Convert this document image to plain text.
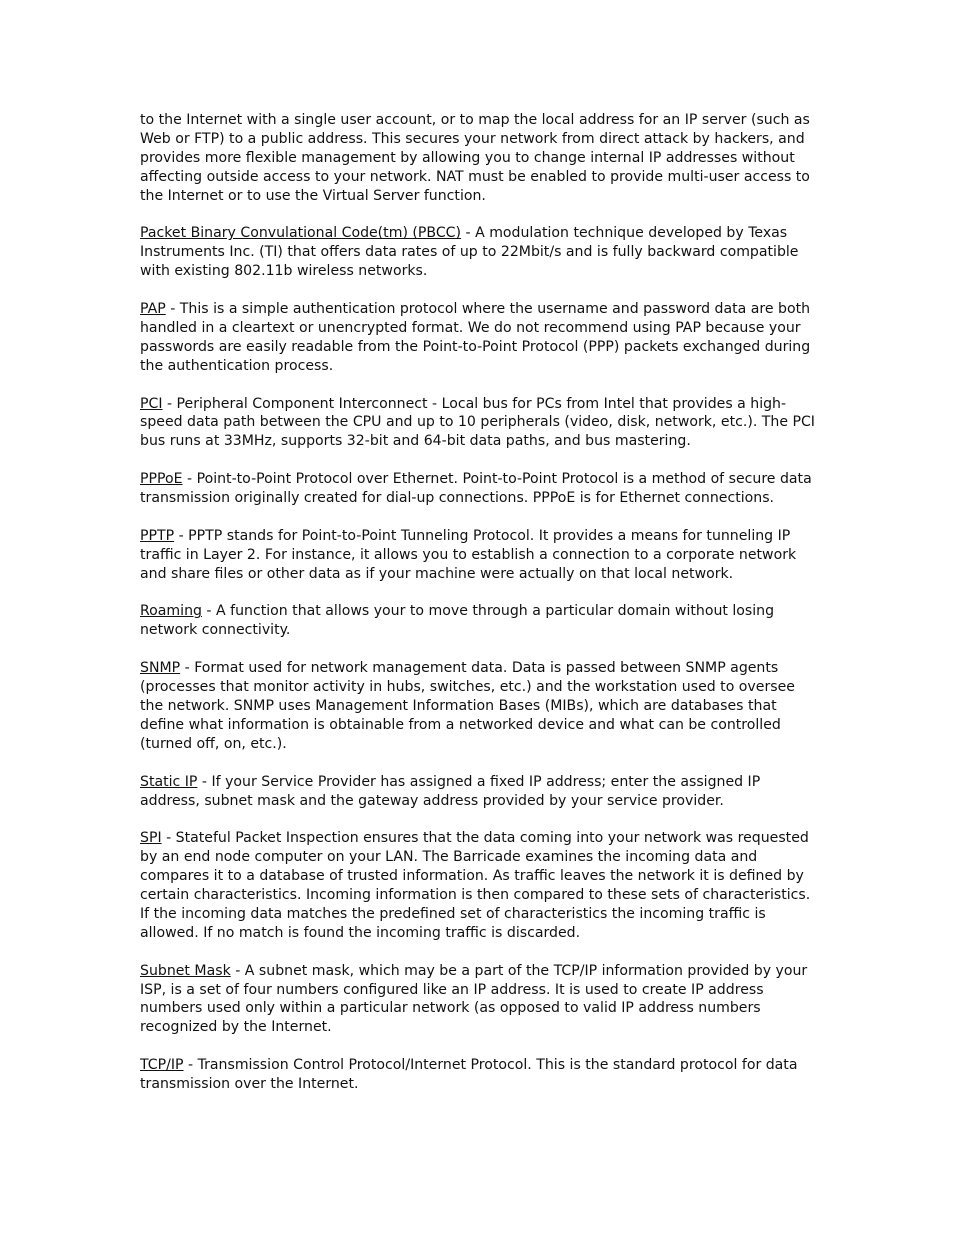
to the Internet with a single user account, or to map the local address for an IP server (such as Web or FTP) to a public address. This secures your network from direct attack by hackers, and provides more flexible management by allowing you to change internal IP addresses without affecting outside access to your network. NAT must be enabled to provide multi-user access to the Internet or to use the Virtual Server function.

Packet Binary Convulational Code(tm) (PBCC) - A modulation technique developed by Texas Instruments Inc. (TI) that offers data rates of up to 22Mbit/s and is fully backward compatible with existing 802.11b wireless networks.

PAP - This is a simple authentication protocol where the username and password data are both handled in a cleartext or unencrypted format. We do not recommend using PAP because your passwords are easily readable from the Point-to-Point Protocol (PPP) packets exchanged during the authentication process.

PCI - Peripheral Component Interconnect - Local bus for PCs from Intel that provides a high-speed data path between the CPU and up to 10 peripherals (video, disk, network, etc.). The PCI bus runs at 33MHz, supports 32-bit and 64-bit data paths, and bus mastering.

PPPoE - Point-to-Point Protocol over Ethernet. Point-to-Point Protocol is a method of secure data transmission originally created for dial-up connections. PPPoE is for Ethernet connections.

PPTP - PPTP stands for Point-to-Point Tunneling Protocol. It provides a means for tunneling IP traffic in Layer 2. For instance, it allows you to establish a connection to a corporate network and share files or other data as if your machine were actually on that local network.

Roaming - A function that allows your to move through a particular domain without losing network connectivity.

SNMP - Format used for network management data. Data is passed between SNMP agents (processes that monitor activity in hubs, switches, etc.) and the workstation used to oversee the network. SNMP uses Management Information Bases (MIBs), which are databases that define what information is obtainable from a networked device and what can be controlled (turned off, on, etc.).

Static IP - If your Service Provider has assigned a fixed IP address; enter the assigned IP address, subnet mask and the gateway address provided by your service provider.

SPI - Stateful Packet Inspection ensures that the data coming into your network was requested by an end node computer on your LAN. The Barricade examines the incoming data and compares it to a database of trusted information. As traffic leaves the network it is defined by certain characteristics. Incoming information is then compared to these sets of characteristics. If the incoming data matches the predefined set of characteristics the incoming traffic is allowed. If no match is found the incoming traffic is discarded.

Subnet Mask - A subnet mask, which may be a part of the TCP/IP information provided by your ISP, is a set of four numbers configured like an IP address. It is used to create IP address numbers used only within a particular network (as opposed to valid IP address numbers recognized by the Internet.

TCP/IP - Transmission Control Protocol/Internet Protocol. This is the standard protocol for data transmission over the Internet.
